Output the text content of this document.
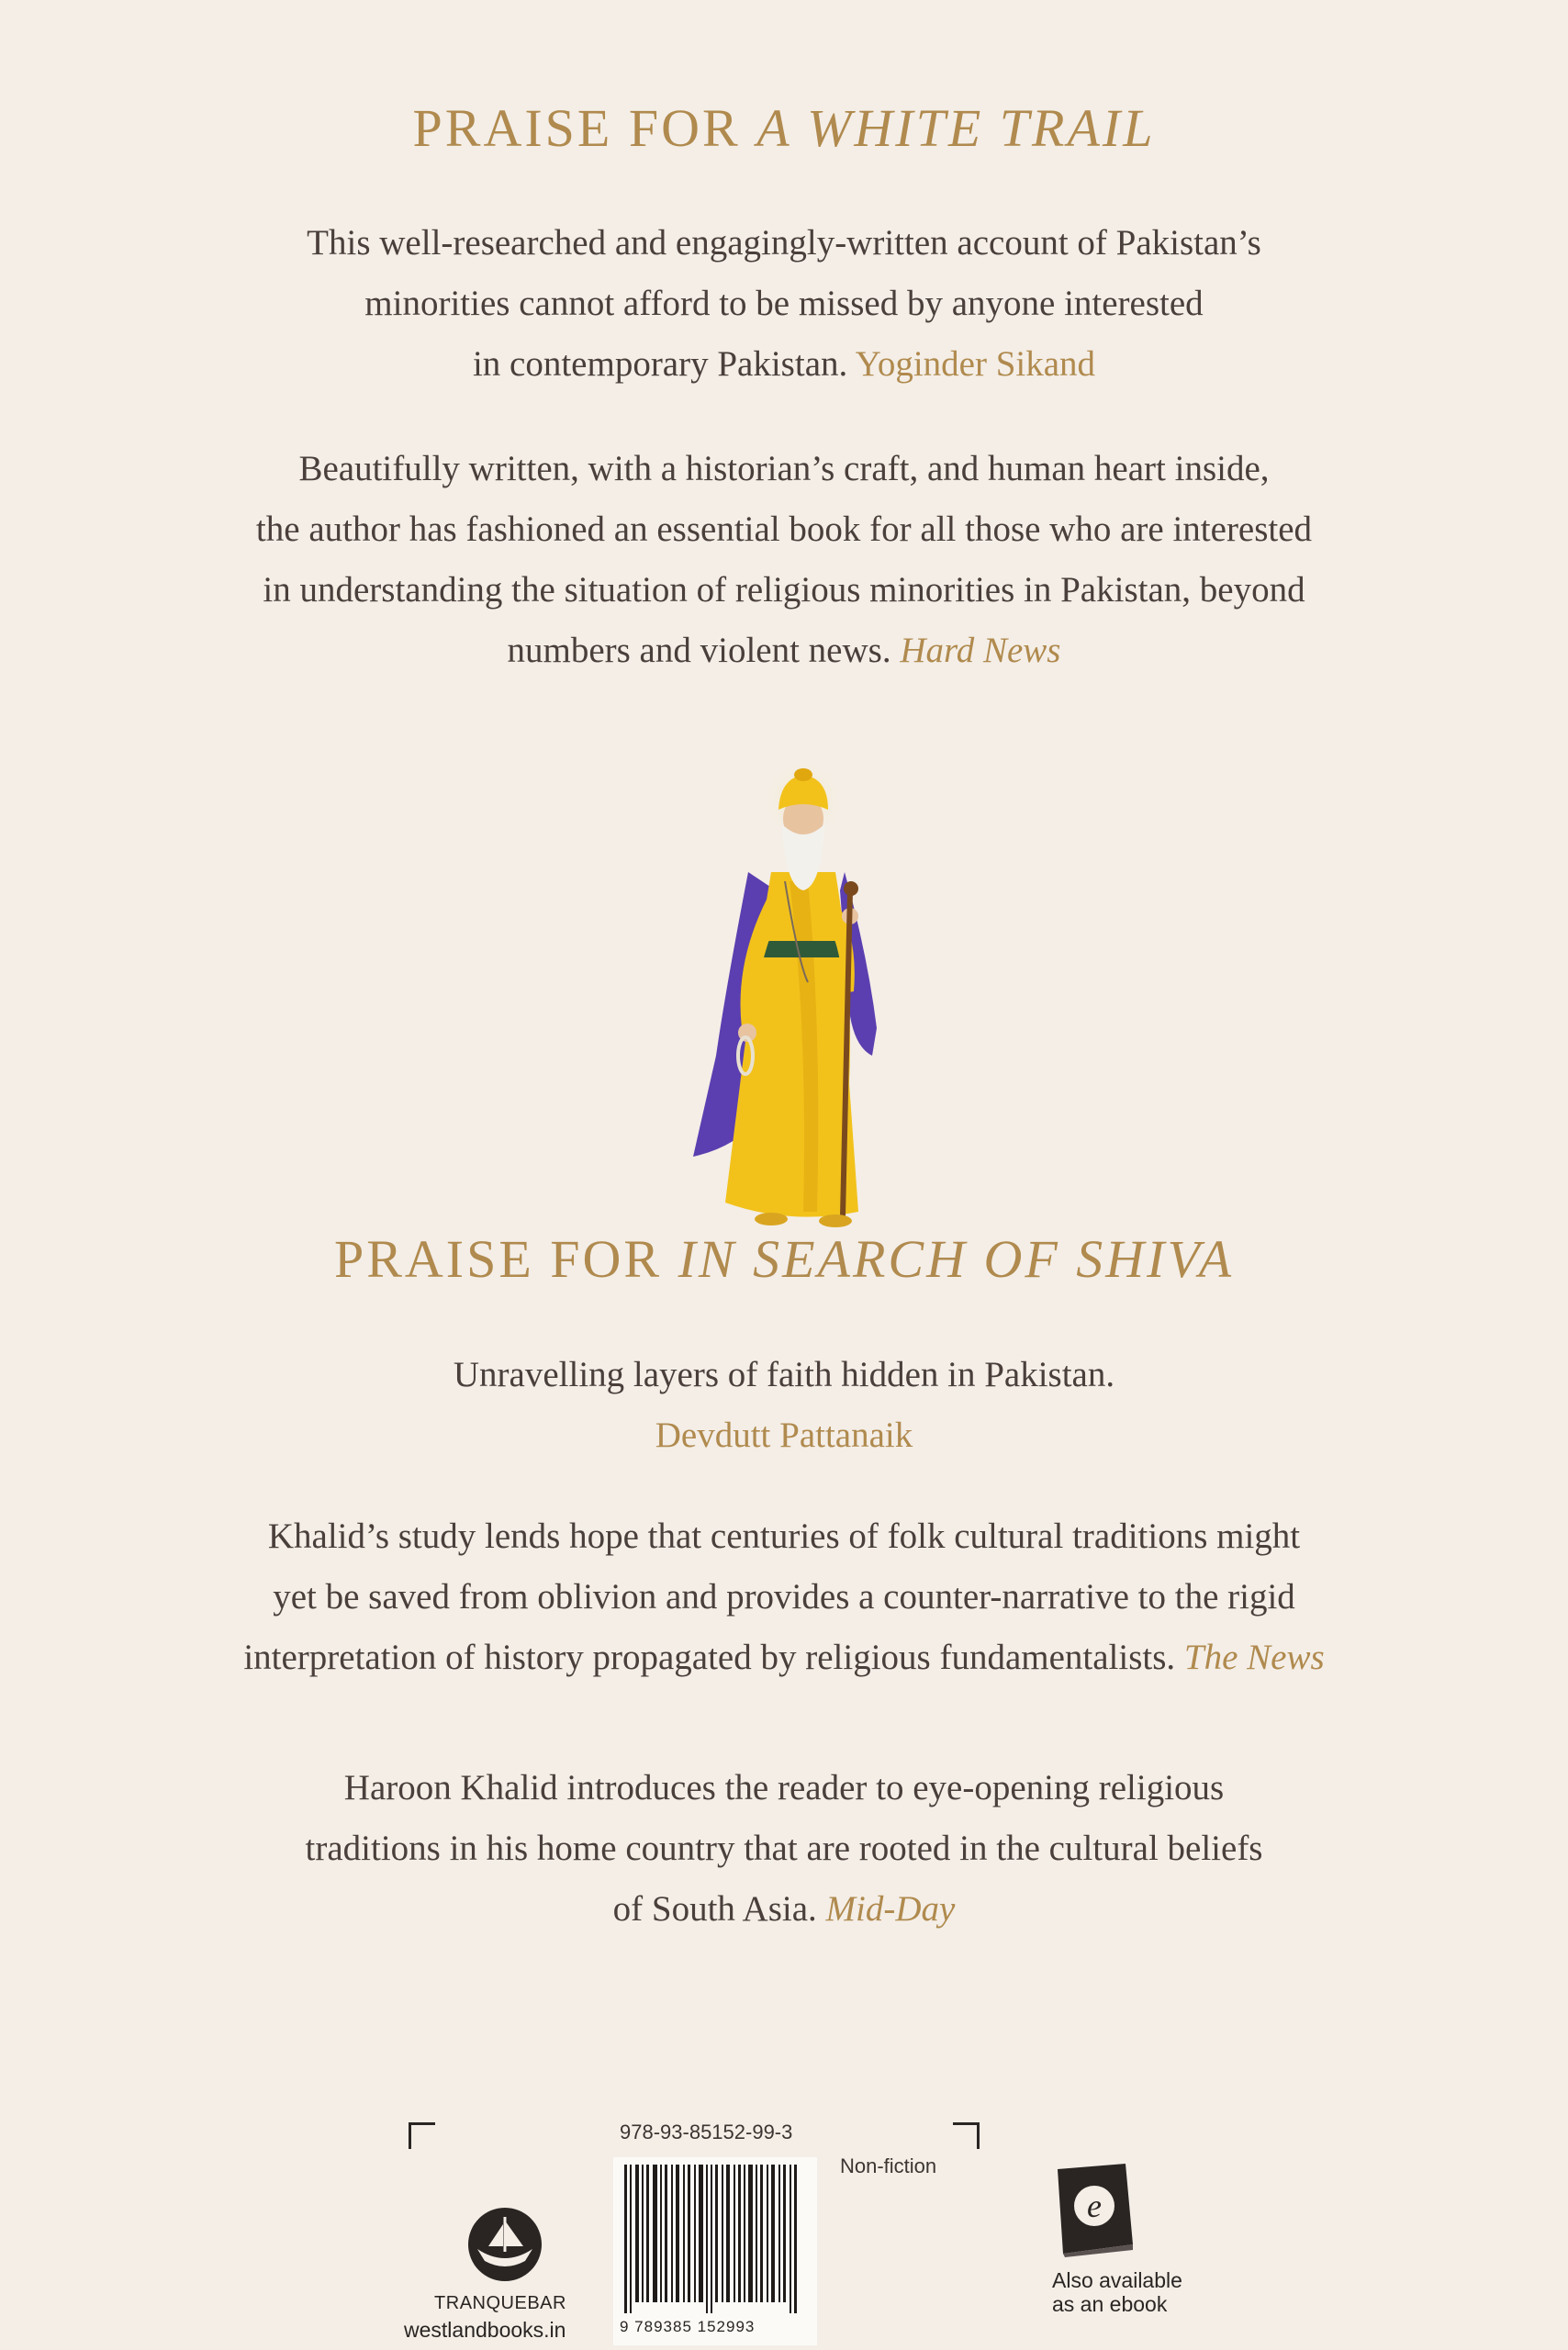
PRAISE FOR A WHITE TRAIL

This well-researched and engagingly-written account of Pakistan’s
minorities cannot afford to be missed by anyone interested
in contemporary Pakistan. Yoginder Sikand

Beautifully written, with a historian’s craft, and human heart inside,
the author has fashioned an essential book for all those who are interested
in understanding the situation of religious minorities in Pakistan, beyond
numbers and violent news. Hard News

PRAISE FOR IN SEARCH OF SHIVA

Unravelling layers of faith hidden in Pakistan.
Devdutt Pattanaik

Khalid’s study lends hope that centuries of folk cultural traditions might
yet be saved from oblivion and provides a counter-narrative to the rigid
interpretation of history propagated by religious fundamentalists. The News

Haroon Khalid introduces the reader to eye-opening religious
traditions in his home country that are rooted in the cultural beliefs
of South Asia. Mid-Day

978-93-85152-99-3
Non-fiction
9 789385 152993
TRANQUEBAR
westlandbooks.in
e
Also available
as an ebook
